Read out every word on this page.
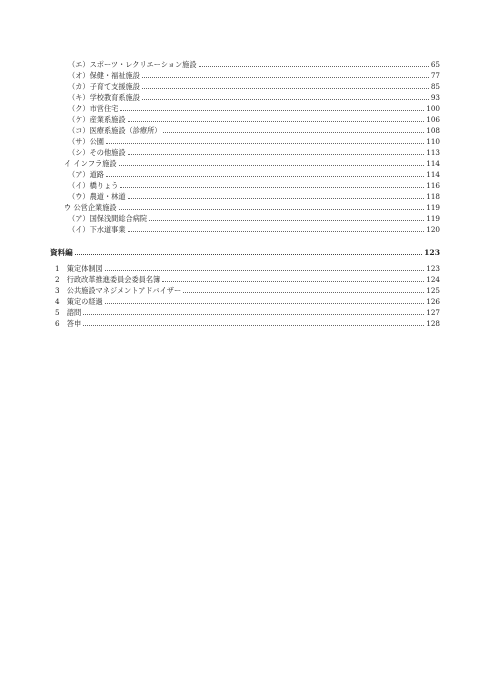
（エ）スポーツ・レクリエーション施設	65
（オ）保健・福祉施設	77
（カ）子育て支援施設	85
（キ）学校教育系施設	93
（ク）市営住宅	100
（ケ）産業系施設	106
（コ）医療系施設（診療所）	108
（サ）公園	110
（シ）その他施設	113
イ インフラ施設	114
（ア）道路	114
（イ）橋りょう	116
（ウ）農道・林道	118
ウ 公営企業施設	119
（ア）国保浅間総合病院	119
（イ）下水道事業	120
資料編	123
1　策定体制図	123
2　行政改革推進委員会委員名簿	124
3　公共施設マネジメントアドバイザー	125
4　策定の経過	126
5　諮問	127
6　答申	128
